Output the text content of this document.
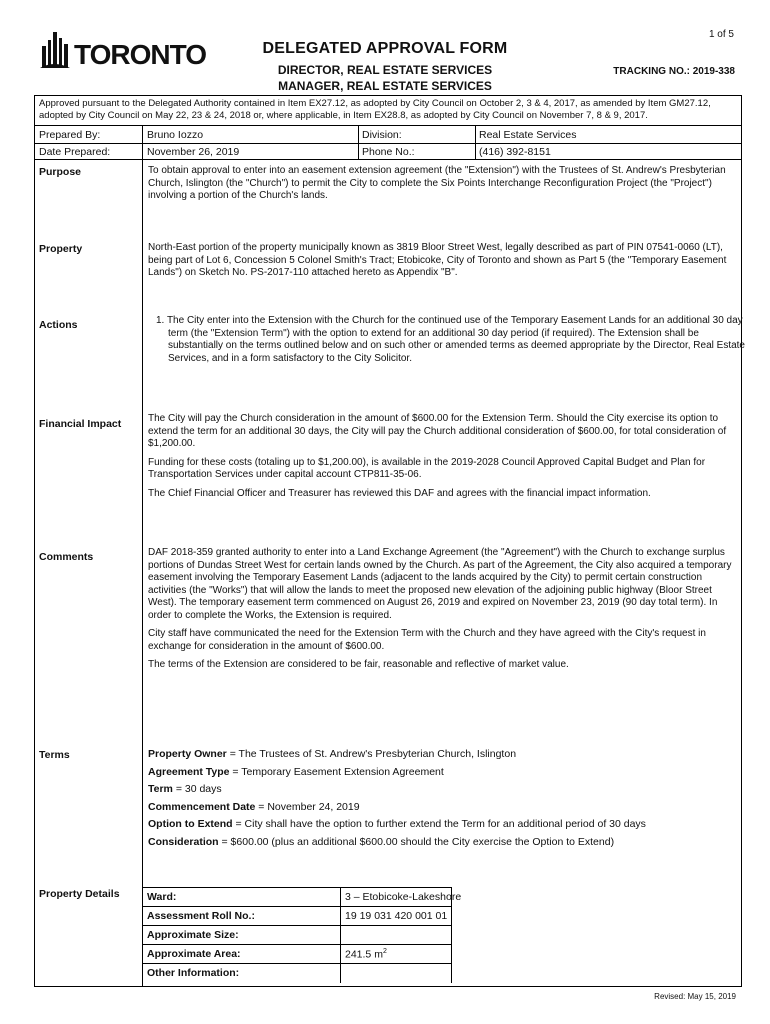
1 of 5
TORONTO	DELEGATED APPROVAL FORM
DIRECTOR, REAL ESTATE SERVICES
MANAGER, REAL ESTATE SERVICES
TRACKING NO.: 2019-338
Approved pursuant to the Delegated Authority contained in Item EX27.12, as adopted by City Council on October 2, 3 & 4, 2017, as amended by Item GM27.12, adopted by City Council on May 22, 23 & 24, 2018 or, where applicable, in Item EX28.8, as adopted by City Council on November 7, 8 & 9, 2017.
Prepared By:	Bruno Iozzo	Division:	Real Estate Services
Date Prepared:	November 26, 2019	Phone No.:	(416) 392-8151
Purpose	To obtain approval to enter into an easement extension agreement (the "Extension") with the Trustees of St. Andrew's Presbyterian Church, Islington (the "Church") to permit the City to complete the Six Points Interchange Reconfiguration Project (the "Project") involving a portion of the Church's lands.

Property	North-East portion of the property municipally known as 3819 Bloor Street West, legally described as part of PIN 07541-0060 (LT), being part of Lot 6, Concession 5 Colonel Smith's Tract; Etobicoke, City of Toronto and shown as Part 5 (the "Temporary Easement Lands") on Sketch No. PS-2017-110 attached hereto as Appendix "B".

Actions	1. The City enter into the Extension with the Church for the continued use of the Temporary Easement Lands for an additional 30 day term (the "Extension Term") with the option to extend for an additional 30 day period (if required). The Extension shall be substantially on the terms outlined below and on such other or amended terms as deemed appropriate by the Director, Real Estate Services, and in a form satisfactory to the City Solicitor.

Financial Impact	The City will pay the Church consideration in the amount of $600.00 for the Extension Term. Should the City exercise its option to extend the term for an additional 30 days, the City will pay the Church additional consideration of $600.00, for total consideration of $1,200.00.

Funding for these costs (totaling up to $1,200.00), is available in the 2019-2028 Council Approved Capital Budget and Plan for Transportation Services under capital account CTP811-35-06.

The Chief Financial Officer and Treasurer has reviewed this DAF and agrees with the financial impact information.

Comments	DAF 2018-359 granted authority to enter into a Land Exchange Agreement (the "Agreement") with the Church to exchange surplus portions of Dundas Street West for certain lands owned by the Church. As part of the Agreement, the City also acquired a temporary easement involving the Temporary Easement Lands (adjacent to the lands acquired by the City) to permit certain construction activities (the "Works") that will allow the lands to meet the proposed new elevation of the adjoining public highway (Bloor Street West). The temporary easement term commenced on August 26, 2019 and expired on November 23, 2019 (90 day total term). In order to complete the Works, the Extension is required.

City staff have communicated the need for the Extension Term with the Church and they have agreed with the City's request in exchange for consideration in the amount of $600.00.

The terms of the Extension are considered to be fair, reasonable and reflective of market value.

Terms	Property Owner = The Trustees of St. Andrew's Presbyterian Church, Islington
Agreement Type = Temporary Easement Extension Agreement
Term = 30 days
Commencement Date = November 24, 2019
Option to Extend = City shall have the option to further extend the Term for an additional period of 30 days
Consideration = $600.00 (plus an additional $600.00 should the City exercise the Option to Extend)
Property Details	Ward:	3 – Etobicoke-Lakeshore
Assessment Roll No.:	19 19 031 420 001 01
Approximate Size:
Approximate Area:	241.5 $m^2$
Other Information:
Revised: May 15, 2019
